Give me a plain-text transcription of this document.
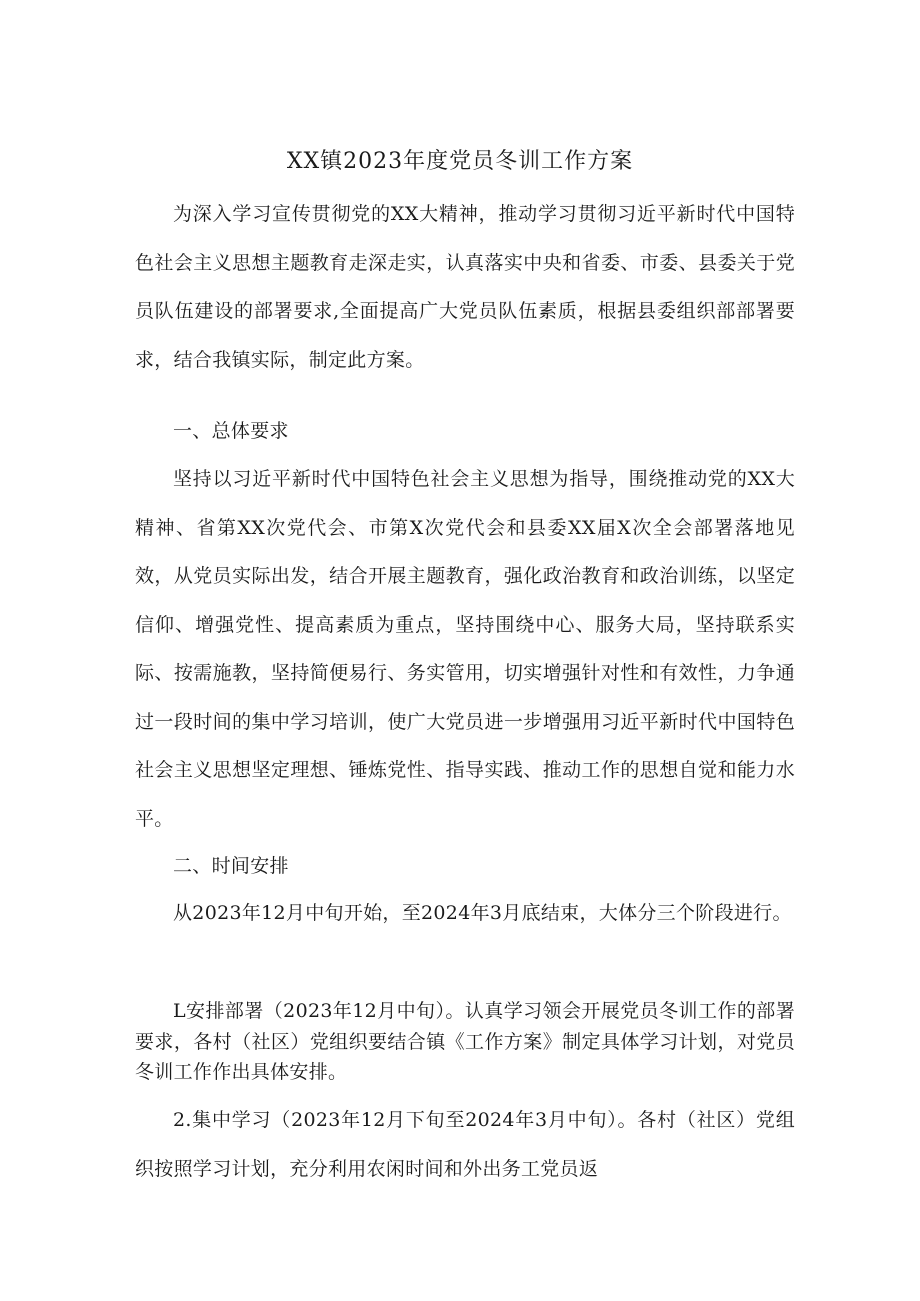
XX镇2023年度党员冬训工作方案

为深入学习宣传贯彻党的XX大精神，推动学习贯彻习近平新时代中国特色社会主义思想主题教育走深走实，认真落实中央和省委、市委、县委关于党员队伍建设的部署要求,全面提高广大党员队伍素质，根据县委组织部部署要求，结合我镇实际，制定此方案。

一、总体要求

坚持以习近平新时代中国特色社会主义思想为指导，围绕推动党的XX大精神、省第XX次党代会、市第X次党代会和县委XX届X次全会部署落地见效，从党员实际出发，结合开展主题教育，强化政治教育和政治训练，以坚定信仰、增强党性、提高素质为重点，坚持围绕中心、服务大局，坚持联系实际、按需施教，坚持简便易行、务实管用，切实增强针对性和有效性，力争通过一段时间的集中学习培训，使广大党员进一步增强用习近平新时代中国特色社会主义思想坚定理想、锤炼党性、指导实践、推动工作的思想自觉和能力水平。

二、时间安排

从2023年12月中旬开始，至2024年3月底结束，大体分三个阶段进行。

L安排部署（2023年12月中旬）。认真学习领会开展党员冬训工作的部署要求，各村（社区）党组织要结合镇《工作方案》制定具体学习计划，对党员冬训工作作出具体安排。

2.集中学习（2023年12月下旬至2024年3月中旬）。各村（社区）党组织按照学习计划，充分利用农闲时间和外出务工党员返
